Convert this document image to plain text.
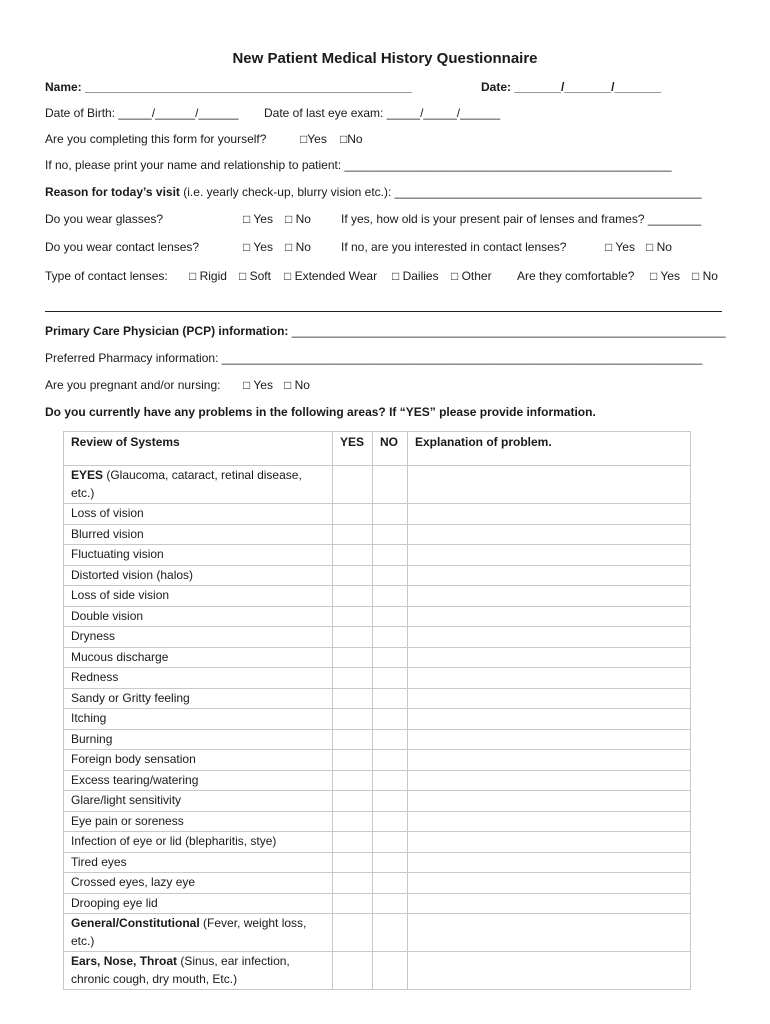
New Patient Medical History Questionnaire
Name: _________________________________________________	Date: _______/_______/_______
Date of Birth: _____/______/______ Date of last eye exam: _____/_____/______
Are you completing this form for yourself?	□Yes □No
If no, please print your name and relationship to patient: _________________________________________________
Reason for today’s visit (i.e. yearly check-up, blurry vision etc.): ______________________________________________
Do you wear glasses?	□ Yes □ No	If yes, how old is your present pair of lenses and frames? ________
Do you wear contact lenses?	□ Yes □ No	If no, are you interested in contact lenses?	□ Yes □ No
Type of contact lenses: □ Rigid □ Soft □ Extended Wear □ Dailies □ Other Are they comfortable? □ Yes □ No
Primary Care Physician (PCP) information: _________________________________________________________________
Preferred Pharmacy information: ________________________________________________________________________
Are you pregnant and/or nursing: □ Yes □ No
Do you currently have any problems in the following areas? If “YES” please provide information.
Review of Systems	YES	NO	Explanation of problem.
EYES (Glaucoma, cataract, retinal disease, etc.)			
Loss of vision			
Blurred vision			
Fluctuating vision			
Distorted vision (halos)			
Loss of side vision			
Double vision			
Dryness			
Mucous discharge			
Redness			
Sandy or Gritty feeling			
Itching			
Burning			
Foreign body sensation			
Excess tearing/watering			
Glare/light sensitivity			
Eye pain or soreness			
Infection of eye or lid (blepharitis, stye)			
Tired eyes			
Crossed eyes, lazy eye			
Drooping eye lid			
General/Constitutional (Fever, weight loss, etc.)			
Ears, Nose, Throat (Sinus, ear infection, chronic cough, dry mouth, Etc.)			
